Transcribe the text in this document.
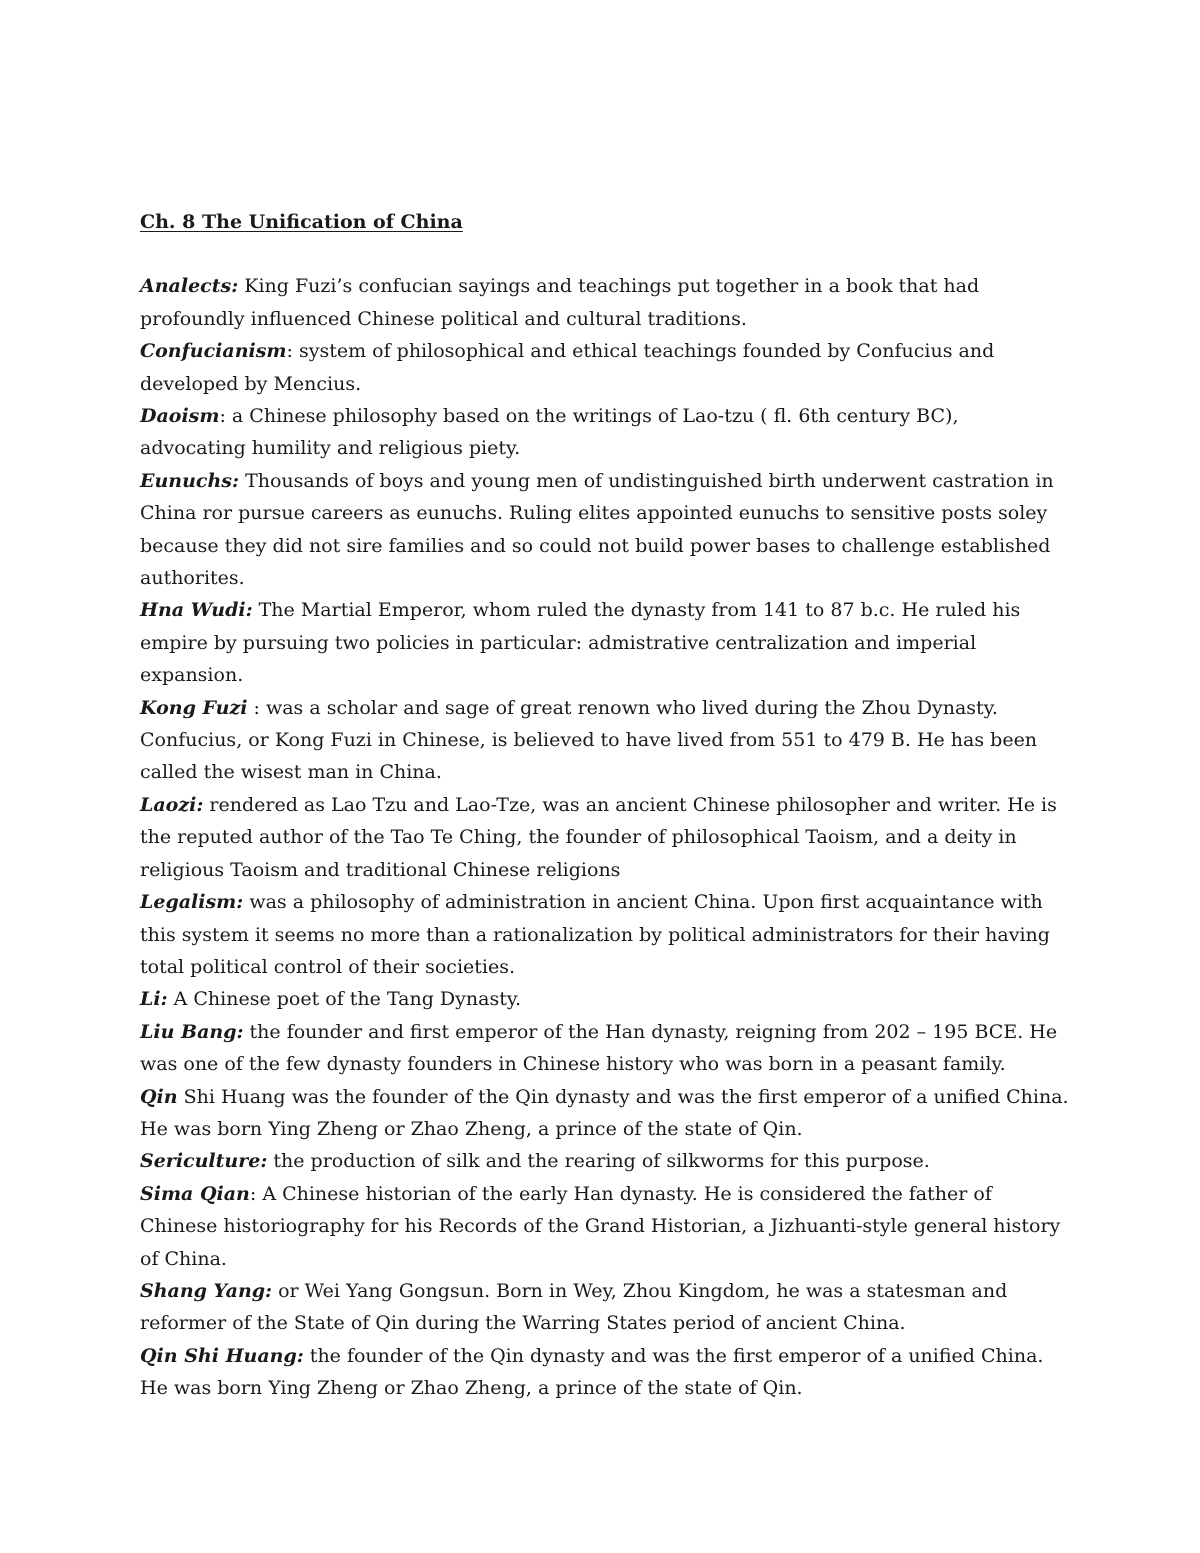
Ch. 8 The Unification of China

Analects: King Fuzi’s confucian sayings and teachings put together in a book that had profoundly influenced Chinese political and cultural traditions.

Confucianism: system of philosophical and ethical teachings founded by Confucius and developed by Mencius.

Daoism: a Chinese philosophy based on the writings of Lao-tzu ( fl. 6th century BC), advocating humility and religious piety.

Eunuchs: Thousands of boys and young men of undistinguished birth underwent castration in China ror pursue careers as eunuchs. Ruling elites appointed eunuchs to sensitive posts soley because they did not sire families and so could not build power bases to challenge established authorites.

Hna Wudi: The Martial Emperor, whom ruled the dynasty from 141 to 87 b.c. He ruled his empire by pursuing two policies in particular: admistrative centralization and imperial expansion.

Kong Fuzi : was a scholar and sage of great renown who lived during the Zhou Dynasty. Confucius, or Kong Fuzi in Chinese, is believed to have lived from 551 to 479 B. He has been called the wisest man in China.

Laozi: rendered as Lao Tzu and Lao-Tze, was an ancient Chinese philosopher and writer. He is the reputed author of the Tao Te Ching, the founder of philosophical Taoism, and a deity in religious Taoism and traditional Chinese religions

Legalism: was a philosophy of administration in ancient China. Upon first acquaintance with this system it seems no more than a rationalization by political administrators for their having total political control of their societies.

Li: A Chinese poet of the Tang Dynasty.

Liu Bang: the founder and first emperor of the Han dynasty, reigning from 202 – 195 BCE. He was one of the few dynasty founders in Chinese history who was born in a peasant family.

Qin Shi Huang was the founder of the Qin dynasty and was the first emperor of a unified China. He was born Ying Zheng or Zhao Zheng, a prince of the state of Qin.

Sericulture: the production of silk and the rearing of silkworms for this purpose.

Sima Qian: A Chinese historian of the early Han dynasty. He is considered the father of Chinese historiography for his Records of the Grand Historian, a Jizhuanti-style general history of China.

Shang Yang: or Wei Yang Gongsun. Born in Wey, Zhou Kingdom, he was a statesman and reformer of the State of Qin during the Warring States period of ancient China.

Qin Shi Huang: the founder of the Qin dynasty and was the first emperor of a unified China. He was born Ying Zheng or Zhao Zheng, a prince of the state of Qin.
